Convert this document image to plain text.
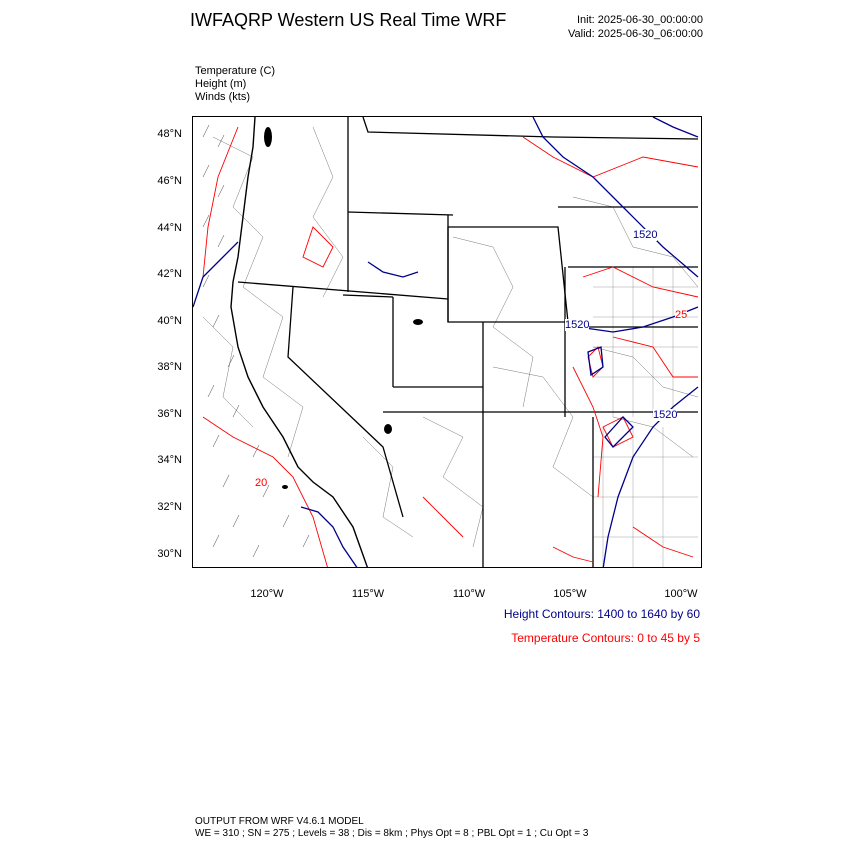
IWFAQRP Western US Real Time WRF	Init: 2025-06-30_00:00:00
Valid: 2025-06-30_06:00:00
Temperature (C)
Height (m)
Winds (kts)
1520
1520
1520
20
25
48°N
46°N
44°N
42°N
40°N
38°N
36°N
34°N
32°N
30°N
120°W	115°W	110°W	105°W	100°W
Height Contours: 1400 to 1640 by 60
Temperature Contours: 0 to 45 by 5
OUTPUT FROM WRF V4.6.1 MODEL
WE = 310 ; SN = 275 ; Levels = 38 ; Dis = 8km ; Phys Opt = 8 ; PBL Opt = 1 ; Cu Opt = 3
